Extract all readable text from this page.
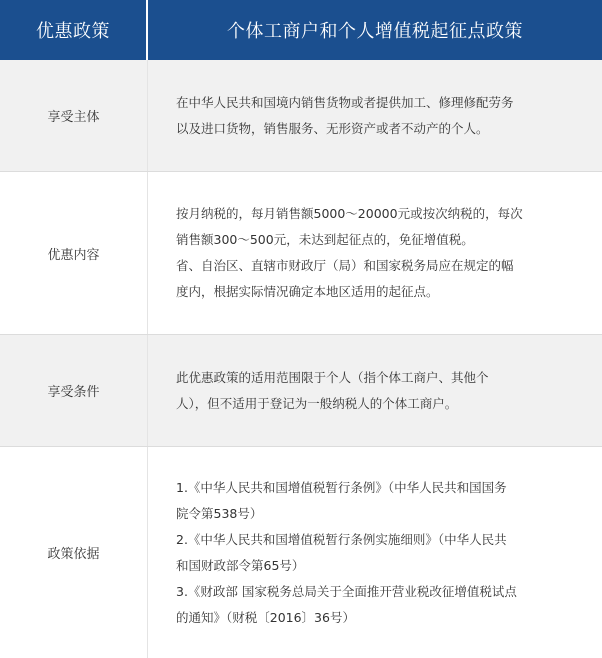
优惠政策	个体工商户和个人增值税起征点政策
享受主体

在中华人民共和国境内销售货物或者提供加工、修理修配劳务

以及进口货物，销售服务、无形资产或者不动产的个人。

优惠内容

按月纳税的，每月销售额5000～20000元或按次纳税的，每次

销售额300～500元，未达到起征点的，免征增值税。

省、自治区、直辖市财政厅（局）和国家税务局应在规定的幅

度内，根据实际情况确定本地区适用的起征点。

享受条件

此优惠政策的适用范围限于个人（指个体工商户、其他个

人），但不适用于登记为一般纳税人的个体工商户。

政策依据

1.《中华人民共和国增值税暂行条例》（中华人民共和国国务

院令第538号）

2.《中华人民共和国增值税暂行条例实施细则》（中华人民共

和国财政部令第65号）

3.《财政部 国家税务总局关于全面推开营业税改征增值税试点

的通知》（财税〔2016〕36号）
